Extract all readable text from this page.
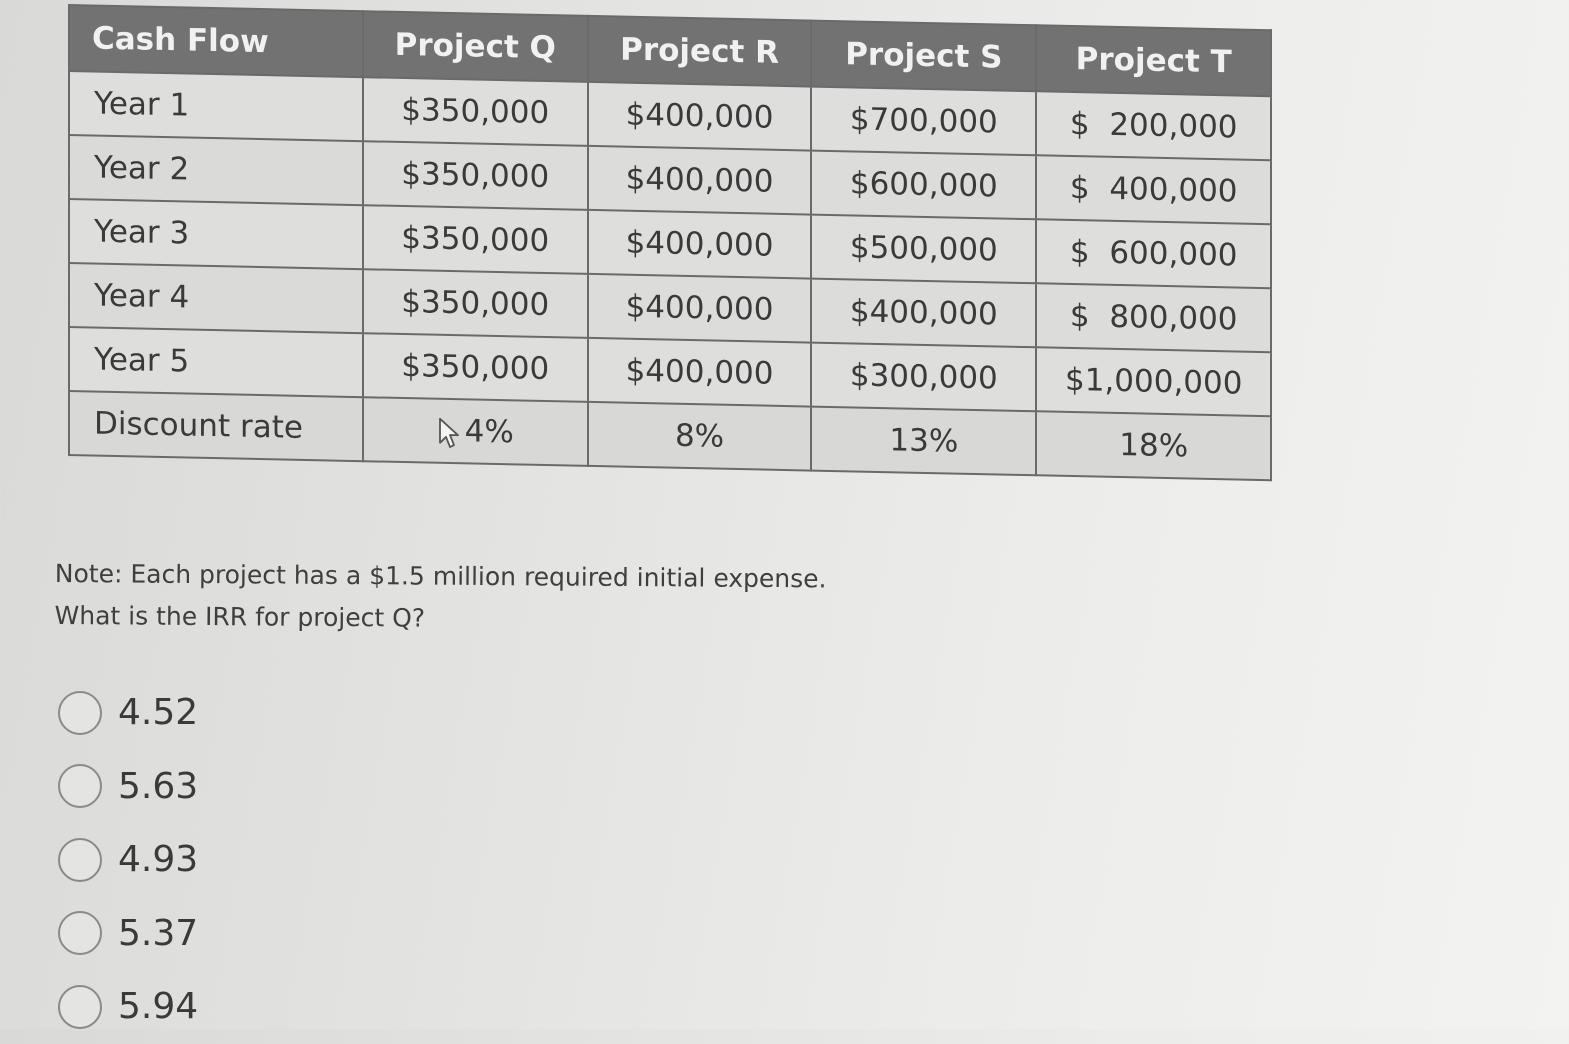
Cash Flow	Project Q	Project R	Project S	Project T
Year 1	$350,000	$400,000	$700,000	$  200,000
Year 2	$350,000	$400,000	$600,000	$  400,000
Year 3	$350,000	$400,000	$500,000	$  600,000
Year 4	$350,000	$400,000	$400,000	$  800,000
Year 5	$350,000	$400,000	$300,000	$1,000,000
Discount rate	4%	8%	13%	18%
Note: Each project has a $1.5 million required initial expense.
What is the IRR for project Q?
4.52
5.63
4.93
5.37
5.94
